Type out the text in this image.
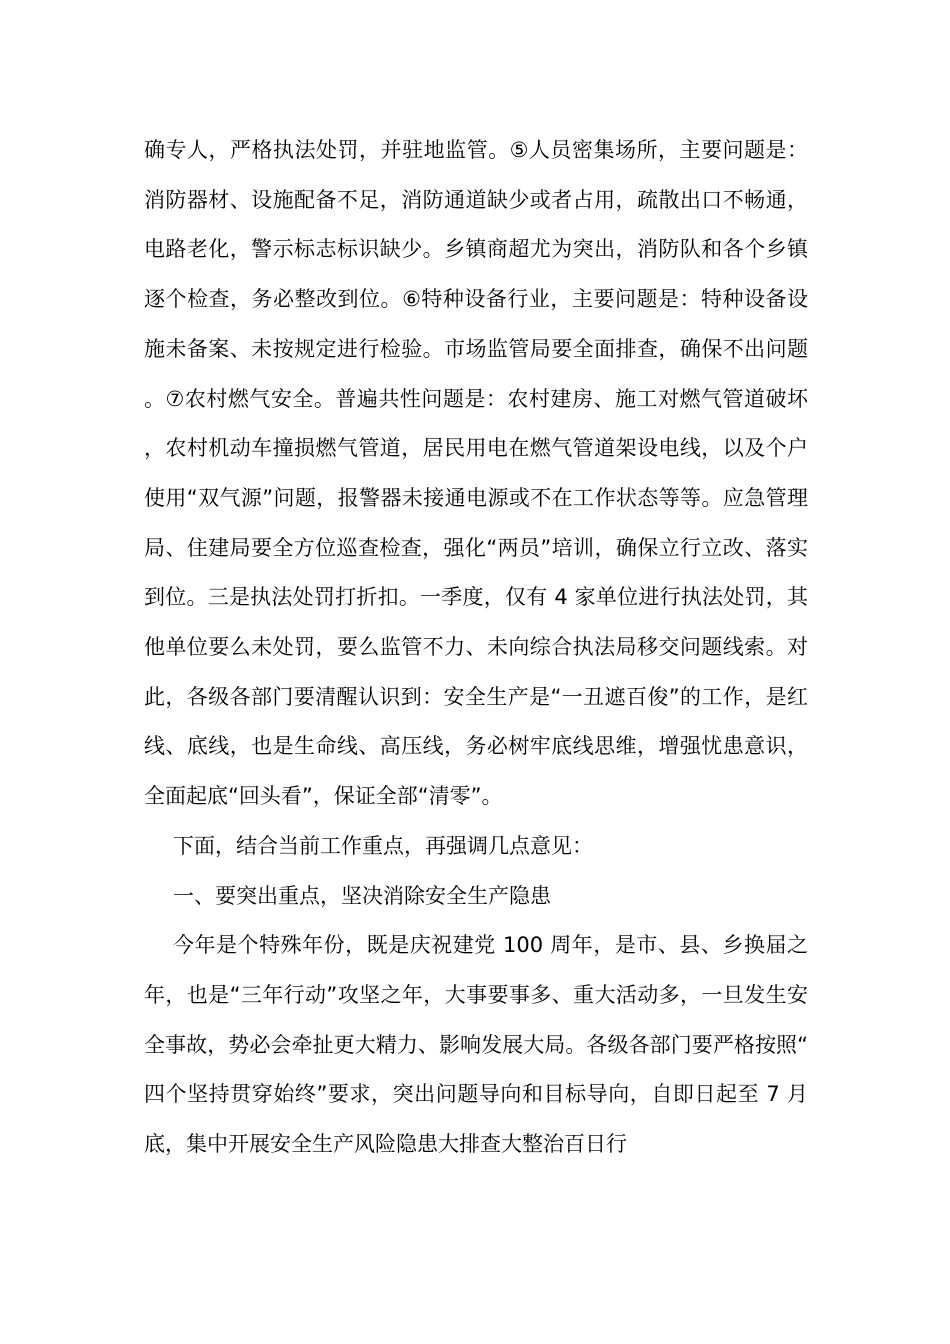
确专人，严格执法处罚，并驻地监管。⑤人员密集场所，主要问题是：消防器材、设施配备不足，消防通道缺少或者占用，疏散出口不畅通，电路老化，警示标志标识缺少。乡镇商超尤为突出，消防队和各个乡镇逐个检查，务必整改到位。⑥特种设备行业，主要问题是：特种设备设施未备案、未按规定进行检验。市场监管局要全面排查，确保不出问题。⑦农村燃气安全。普遍共性问题是：农村建房、施工对燃气管道破坏，农村机动车撞损燃气管道，居民用电在燃气管道架设电线，以及个户使用“双气源”问题，报警器未接通电源或不在工作状态等等。应急管理局、住建局要全方位巡查检查，强化“两员”培训，确保立行立改、落实到位。三是执法处罚打折扣。一季度，仅有 4 家单位进行执法处罚，其他单位要么未处罚，要么监管不力、未向综合执法局移交问题线索。对此，各级各部门要清醒认识到：安全生产是“一丑遮百俊”的工作，是红线、底线，也是生命线、高压线，务必树牢底线思维，增强忧患意识，全面起底“回头看”，保证全部“清零”。

下面，结合当前工作重点，再强调几点意见：

一、要突出重点，坚决消除安全生产隐患

今年是个特殊年份，既是庆祝建党 100 周年，是市、县、乡换届之年，也是“三年行动”攻坚之年，大事要事多、重大活动多，一旦发生安全事故，势必会牵扯更大精力、影响发展大局。各级各部门要严格按照“四个坚持贯穿始终”要求，突出问题导向和目标导向，自即日起至 7 月底，集中开展安全生产风险隐患大排查大整治百日行
